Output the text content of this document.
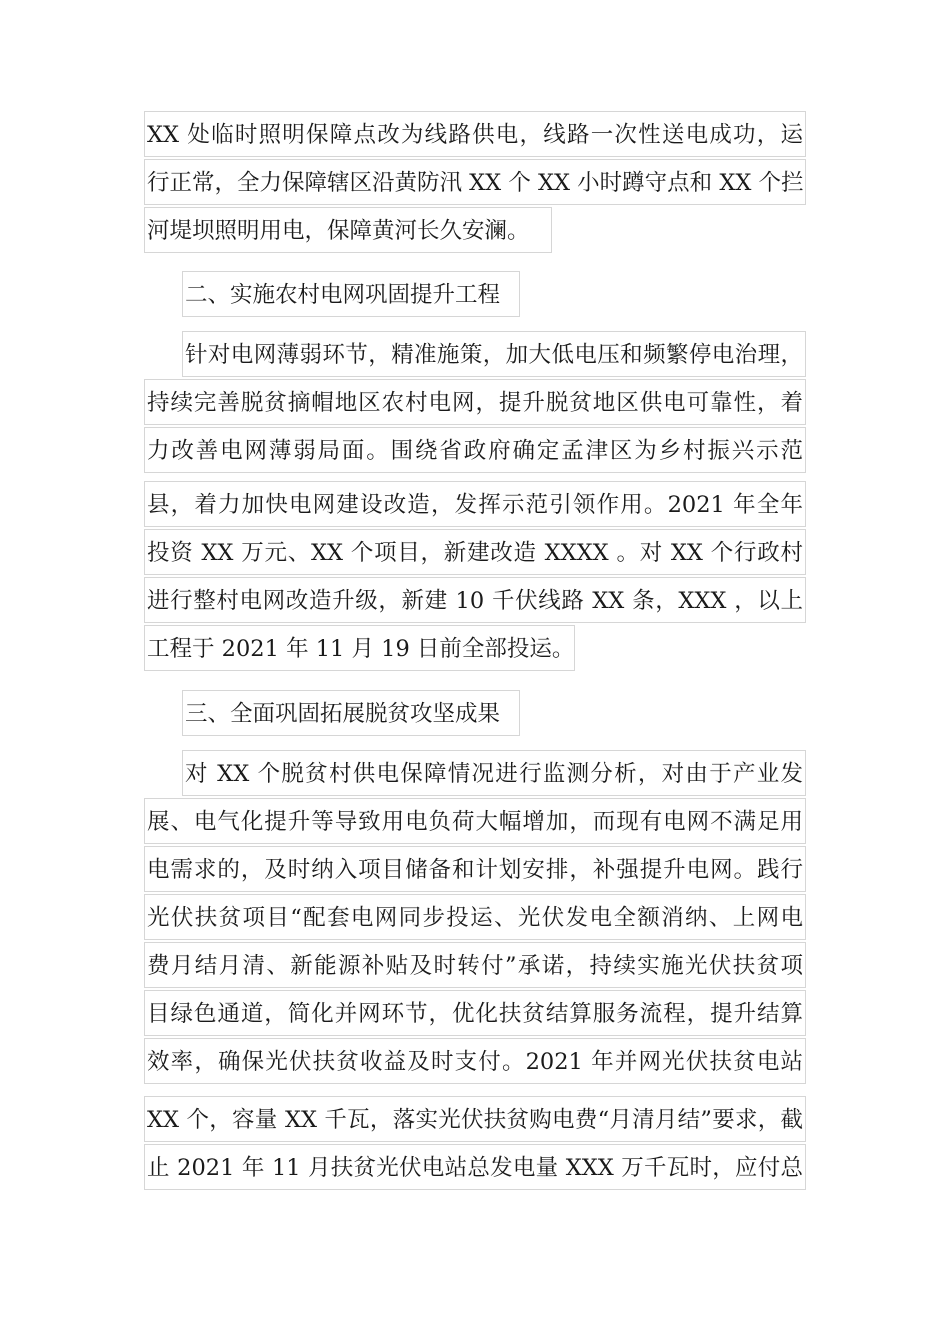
XX 处临时照明保障点改为线路供电，线路一次性送电成功，运
行正常，全力保障辖区沿黄防汛 XX 个 XX 小时蹲守点和 XX 个拦
河堤坝照明用电，保障黄河长久安澜。
二、实施农村电网巩固提升工程
针对电网薄弱环节，精准施策，加大低电压和频繁停电治理，
持续完善脱贫摘帽地区农村电网，提升脱贫地区供电可靠性，着
力改善电网薄弱局面。围绕省政府确定孟津区为乡村振兴示范
县，着力加快电网建设改造，发挥示范引领作用。2021 年全年
投资 XX 万元、XX 个项目，新建改造 XXXX 。对 XX 个行政村
进行整村电网改造升级，新建 10 千伏线路 XX 条，XXX ，以上
工程于 2021 年 11 月 19 日前全部投运。
三、全面巩固拓展脱贫攻坚成果
对 XX 个脱贫村供电保障情况进行监测分析，对由于产业发
展、电气化提升等导致用电负荷大幅增加，而现有电网不满足用
电需求的，及时纳入项目储备和计划安排，补强提升电网。践行
光伏扶贫项目“配套电网同步投运、光伏发电全额消纳、上网电
费月结月清、新能源补贴及时转付”承诺，持续实施光伏扶贫项
目绿色通道，简化并网环节，优化扶贫结算服务流程，提升结算
效率，确保光伏扶贫收益及时支付。2021 年并网光伏扶贫电站
XX 个，容量 XX 千瓦，落实光伏扶贫购电费“月清月结”要求，截
止 2021 年 11 月扶贫光伏电站总发电量 XXX 万千瓦时，应付总
